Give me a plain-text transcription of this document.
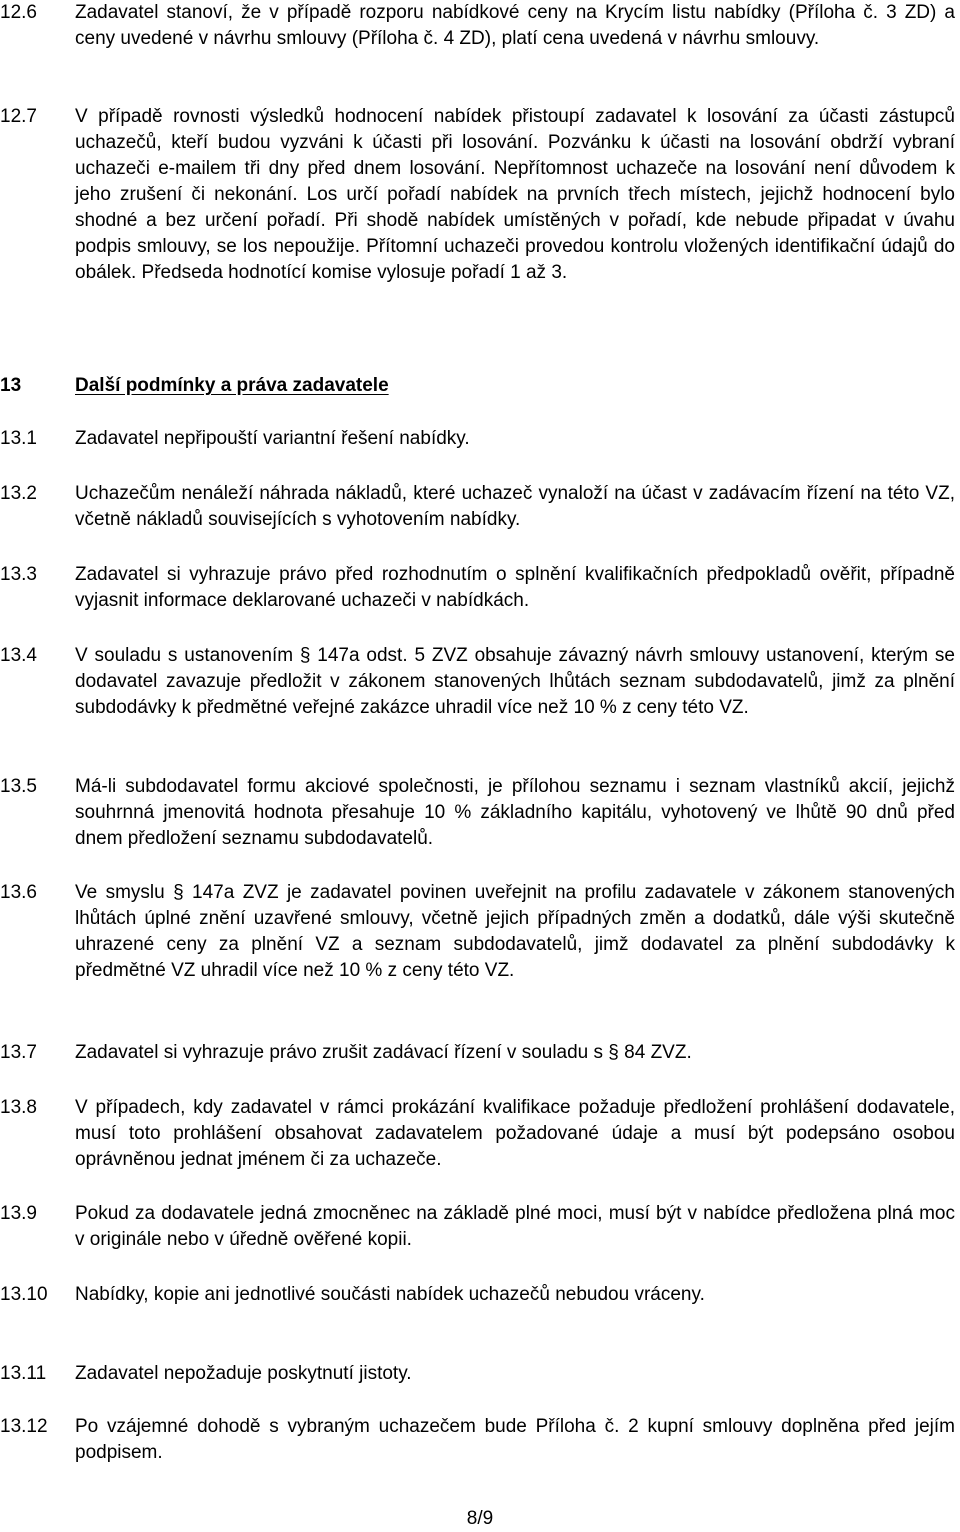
12.6	Zadavatel stanoví, že v případě rozporu nabídkové ceny na Krycím listu nabídky (Příloha č. 3 ZD) a ceny uvedené v návrhu smlouvy (Příloha č. 4 ZD), platí cena uvedená v návrhu smlouvy.
12.7	V případě rovnosti výsledků hodnocení nabídek přistoupí zadavatel k losování za účasti zástupců uchazečů, kteří budou vyzváni k účasti při losování. Pozvánku k účasti na losování obdrží vybraní uchazeči e-mailem tři dny před dnem losování. Nepřítomnost uchazeče na losování není důvodem k jeho zrušení či nekonání. Los určí pořadí nabídek na prvních třech místech, jejichž hodnocení bylo shodné a bez určení pořadí. Při shodě nabídek umístěných v pořadí, kde nebude připadat v úvahu podpis smlouvy, se los nepoužije. Přítomní uchazeči provedou kontrolu vložených identifikační údajů do obálek. Předseda hodnotící komise vylosuje pořadí 1 až 3.
13	Další podmínky a práva zadavatele
13.1	Zadavatel nepřipouští variantní řešení nabídky.
13.2	Uchazečům nenáleží náhrada nákladů, které uchazeč vynaloží na účast v zadávacím řízení na této VZ, včetně nákladů souvisejících s vyhotovením nabídky.
13.3	Zadavatel si vyhrazuje právo před rozhodnutím o splnění kvalifikačních předpokladů ověřit, případně vyjasnit informace deklarované uchazeči v nabídkách.
13.4	V souladu s ustanovením § 147a odst. 5 ZVZ obsahuje závazný návrh smlouvy ustanovení, kterým se dodavatel zavazuje předložit v zákonem stanovených lhůtách seznam subdodavatelů, jimž za plnění subdodávky k předmětné veřejné zakázce uhradil více než 10 % z ceny této VZ.
13.5	Má-li subdodavatel formu akciové společnosti, je přílohou seznamu i seznam vlastníků akcií, jejichž souhrnná jmenovitá hodnota přesahuje 10 % základního kapitálu, vyhotovený ve lhůtě 90 dnů před dnem předložení seznamu subdodavatelů.
13.6	Ve smyslu § 147a ZVZ je zadavatel povinen uveřejnit na profilu zadavatele v zákonem stanovených lhůtách úplné znění uzavřené smlouvy, včetně jejich případných změn a dodatků, dále výši skutečně uhrazené ceny za plnění VZ a seznam subdodavatelů, jimž dodavatel za plnění subdodávky k předmětné VZ uhradil více než 10 % z ceny této VZ.
13.7	Zadavatel si vyhrazuje právo zrušit zadávací řízení v souladu s § 84 ZVZ.
13.8	V případech, kdy zadavatel v rámci prokázání kvalifikace požaduje předložení prohlášení dodavatele, musí toto prohlášení obsahovat zadavatelem požadované údaje a musí být podepsáno osobou oprávněnou jednat jménem či za uchazeče.
13.9	Pokud za dodavatele jedná zmocněnec na základě plné moci, musí být v nabídce předložena plná moc v originále nebo v úředně ověřené kopii.
13.10	Nabídky, kopie ani jednotlivé součásti nabídek uchazečů nebudou vráceny.
13.11	Zadavatel nepožaduje poskytnutí jistoty.
13.12	Po vzájemné dohodě s vybraným uchazečem bude Příloha č. 2 kupní smlouvy doplněna před jejím podpisem.
8/9
